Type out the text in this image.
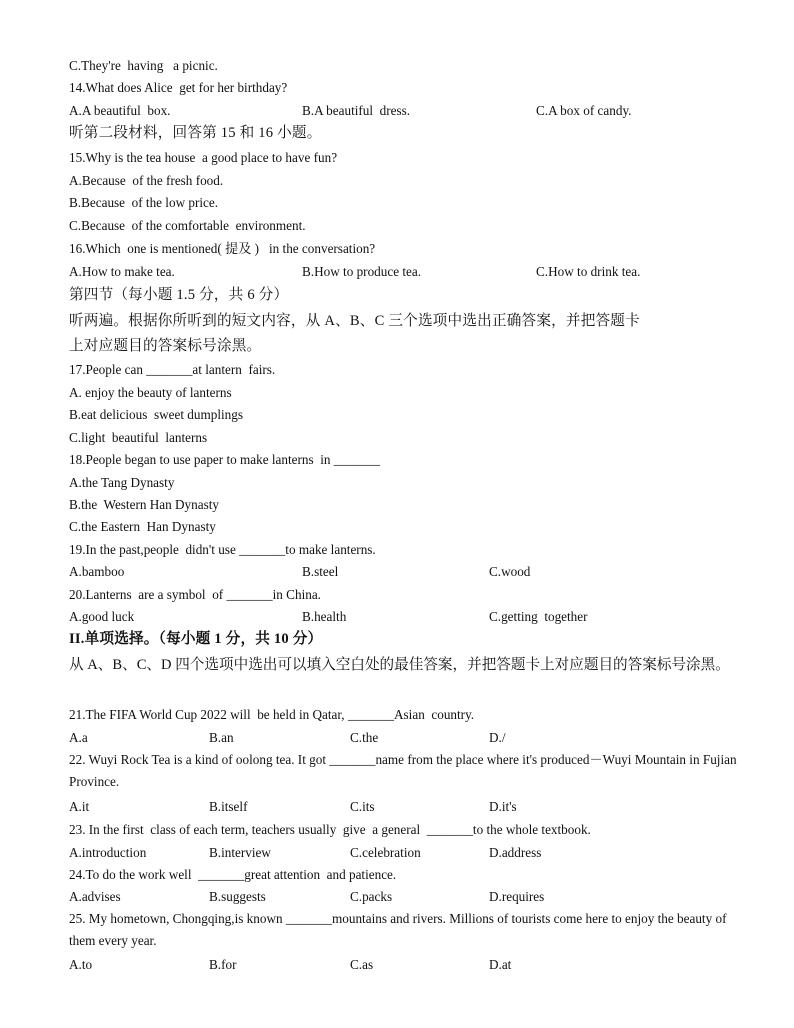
C.They're  having   a picnic.
14.What does Alice  get for her birthday?
A.A beautiful  box.	B.A beautiful  dress.	C.A box of candy.
听第二段材料，回答第 15 和 16 小题。
15.Why is the tea house  a good place to have fun?
A.Because  of the fresh food.
B.Because  of the low price.
C.Because  of the comfortable  environment.
16.Which  one is mentioned( 提及 )   in the conversation?
A.How to make tea.	B.How to produce tea.	C.How to drink tea.
第四节（每小题 1.5 分，共 6 分）
听两遍。根据你所听到的短文内容，从 A、B、C 三个选项中选出正确答案，并把答题卡
上对应题目的答案标号涂黑。
17.People can _______at lantern  fairs.
A. enjoy the beauty of lanterns
B.eat delicious  sweet dumplings
C.light  beautiful  lanterns
18.People began to use paper to make lanterns  in _______
A.the Tang Dynasty
B.the  Western Han Dynasty
C.the Eastern  Han Dynasty
19.In the past,people  didn't use _______to make lanterns.
A.bamboo	B.steel	C.wood
20.Lanterns  are a symbol  of _______in China.
A.good luck	B.health	C.getting  together
II.单项选择。（每小题 1 分，共 10 分）
从 A、B、C、D 四个选项中选出可以填入空白处的最佳答案，并把答题卡上对应题目的答案标号涂黑。
21.The FIFA World Cup 2022 will  be held in Qatar, _______Asian  country.
A.a	B.an	C.the	D./
22. Wuyi Rock Tea is a kind of oolong tea. It got _______name from the place where it's produced－Wuyi Mountain in Fujian Province.
A.it	B.itself	C.its	D.it's
23. In the first  class of each term, teachers usually  give  a general  _______to the whole textbook.
A.introduction	B.interview	C.celebration	D.address
24.To do the work well  _______great attention  and patience.
A.advises	B.suggests	C.packs	D.requires
25. My hometown, Chongqing,is known _______mountains and rivers. Millions of tourists come here to enjoy the beauty of them every year.
A.to	B.for	C.as	D.at
